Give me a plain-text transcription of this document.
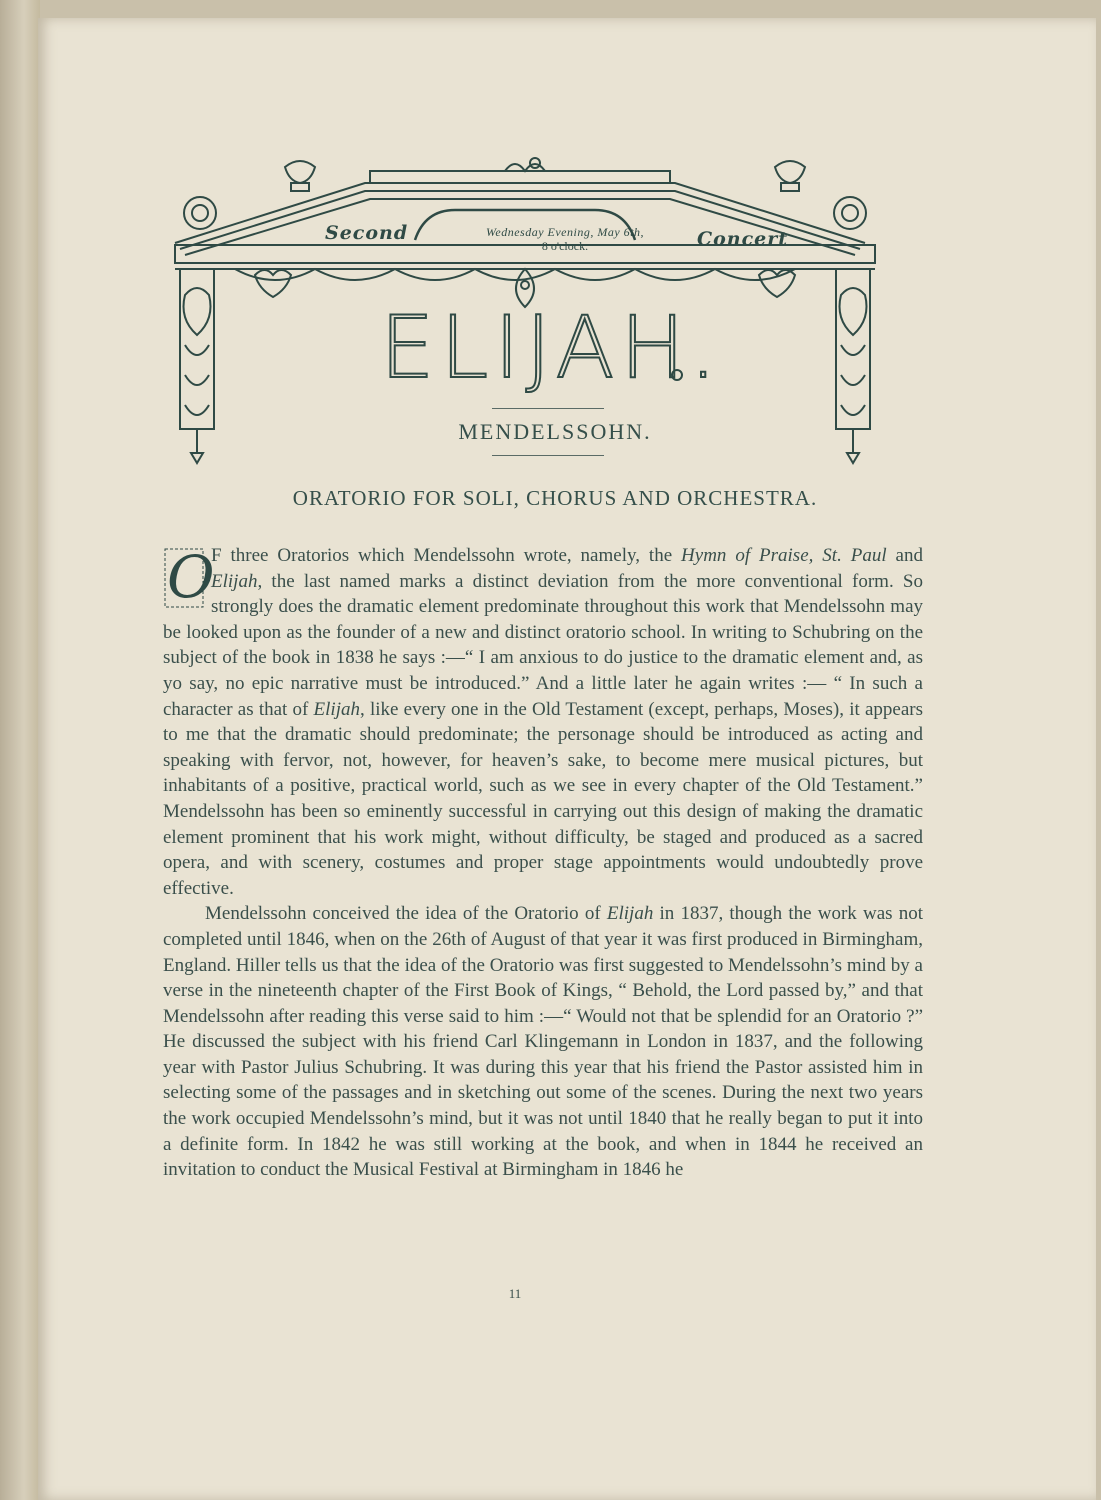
Second	Wednesday Evening, May 6th,
8 o'clock.	Concert
ELIJAH.
MENDELSSOHN.
ORATORIO FOR SOLI, CHORUS AND ORCHESTRA.

O
F three Oratorios which Mendelssohn wrote, namely, the Hymn of Praise, St. Paul and Elijah, the last named marks a distinct deviation from the more conventional form. So strongly does the dramatic element predominate throughout this work that Mendelssohn may be looked upon as the founder of a new and distinct oratorio school. In writing to Schubring on the subject of the book in 1838 he says :—“ I am anxious to do justice to the dramatic element and, as yo say, no epic narrative must be introduced.” And a little later he again writes :— “ In such a character as that of Elijah, like every one in the Old Testament (except, perhaps, Moses), it appears to me that the dramatic should predominate; the personage should be introduced as acting and speaking with fervor, not, however, for heaven’s sake, to become mere musical pictures, but inhabitants of a positive, practical world, such as we see in every chapter of the Old Testament.” Mendelssohn has been so eminently successful in carrying out this design of making the dramatic element prominent that his work might, without difficulty, be staged and produced as a sacred opera, and with scenery, costumes and proper stage appointments would undoubtedly prove effective.

Mendelssohn conceived the idea of the Oratorio of Elijah in 1837, though the work was not completed until 1846, when on the 26th of August of that year it was first produced in Birmingham, England. Hiller tells us that the idea of the Oratorio was first suggested to Mendelssohn’s mind by a verse in the nineteenth chapter of the First Book of Kings, “ Behold, the Lord passed by,” and that Mendelssohn after reading this verse said to him :—“ Would not that be splendid for an Oratorio ?” He discussed the subject with his friend Carl Klingemann in London in 1837, and the following year with Pastor Julius Schubring. It was during this year that his friend the Pastor assisted him in selecting some of the passages and in sketching out some of the scenes. During the next two years the work occupied Mendelssohn’s mind, but it was not until 1840 that he really began to put it into a definite form. In 1842 he was still working at the book, and when in 1844 he received an invitation to conduct the Musical Festival at Birmingham in 1846 he

11
